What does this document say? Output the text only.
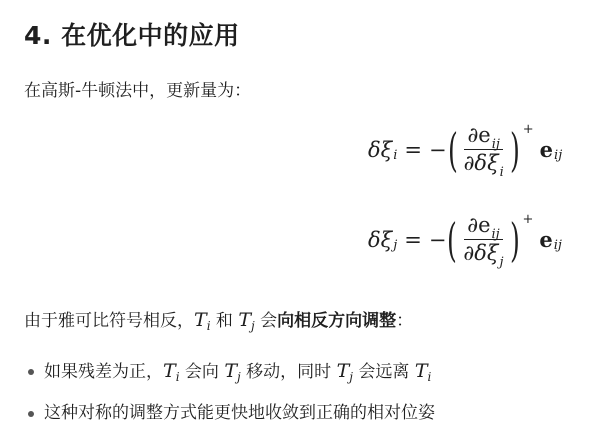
4. 在优化中的应用
在高斯-牛顿法中，更新量为：
δξ i = − ( $\frac{\partial e_{ij}}{\partial\delta\xi_i}$ ) +
e ij
δξ j = − ( $\frac{\partial e_{ij}}{\partial\delta\xi_j}$ ) +
e ij
由于雅可比符号相反，$T_i$ 和 $T_j$ 会向相反方向调整：
如果残差为正，$T_i$ 会向 $T_j$ 移动，同时 $T_j$ 会远离 $T_i$
这种对称的调整方式能更快地收敛到正确的相对位姿
